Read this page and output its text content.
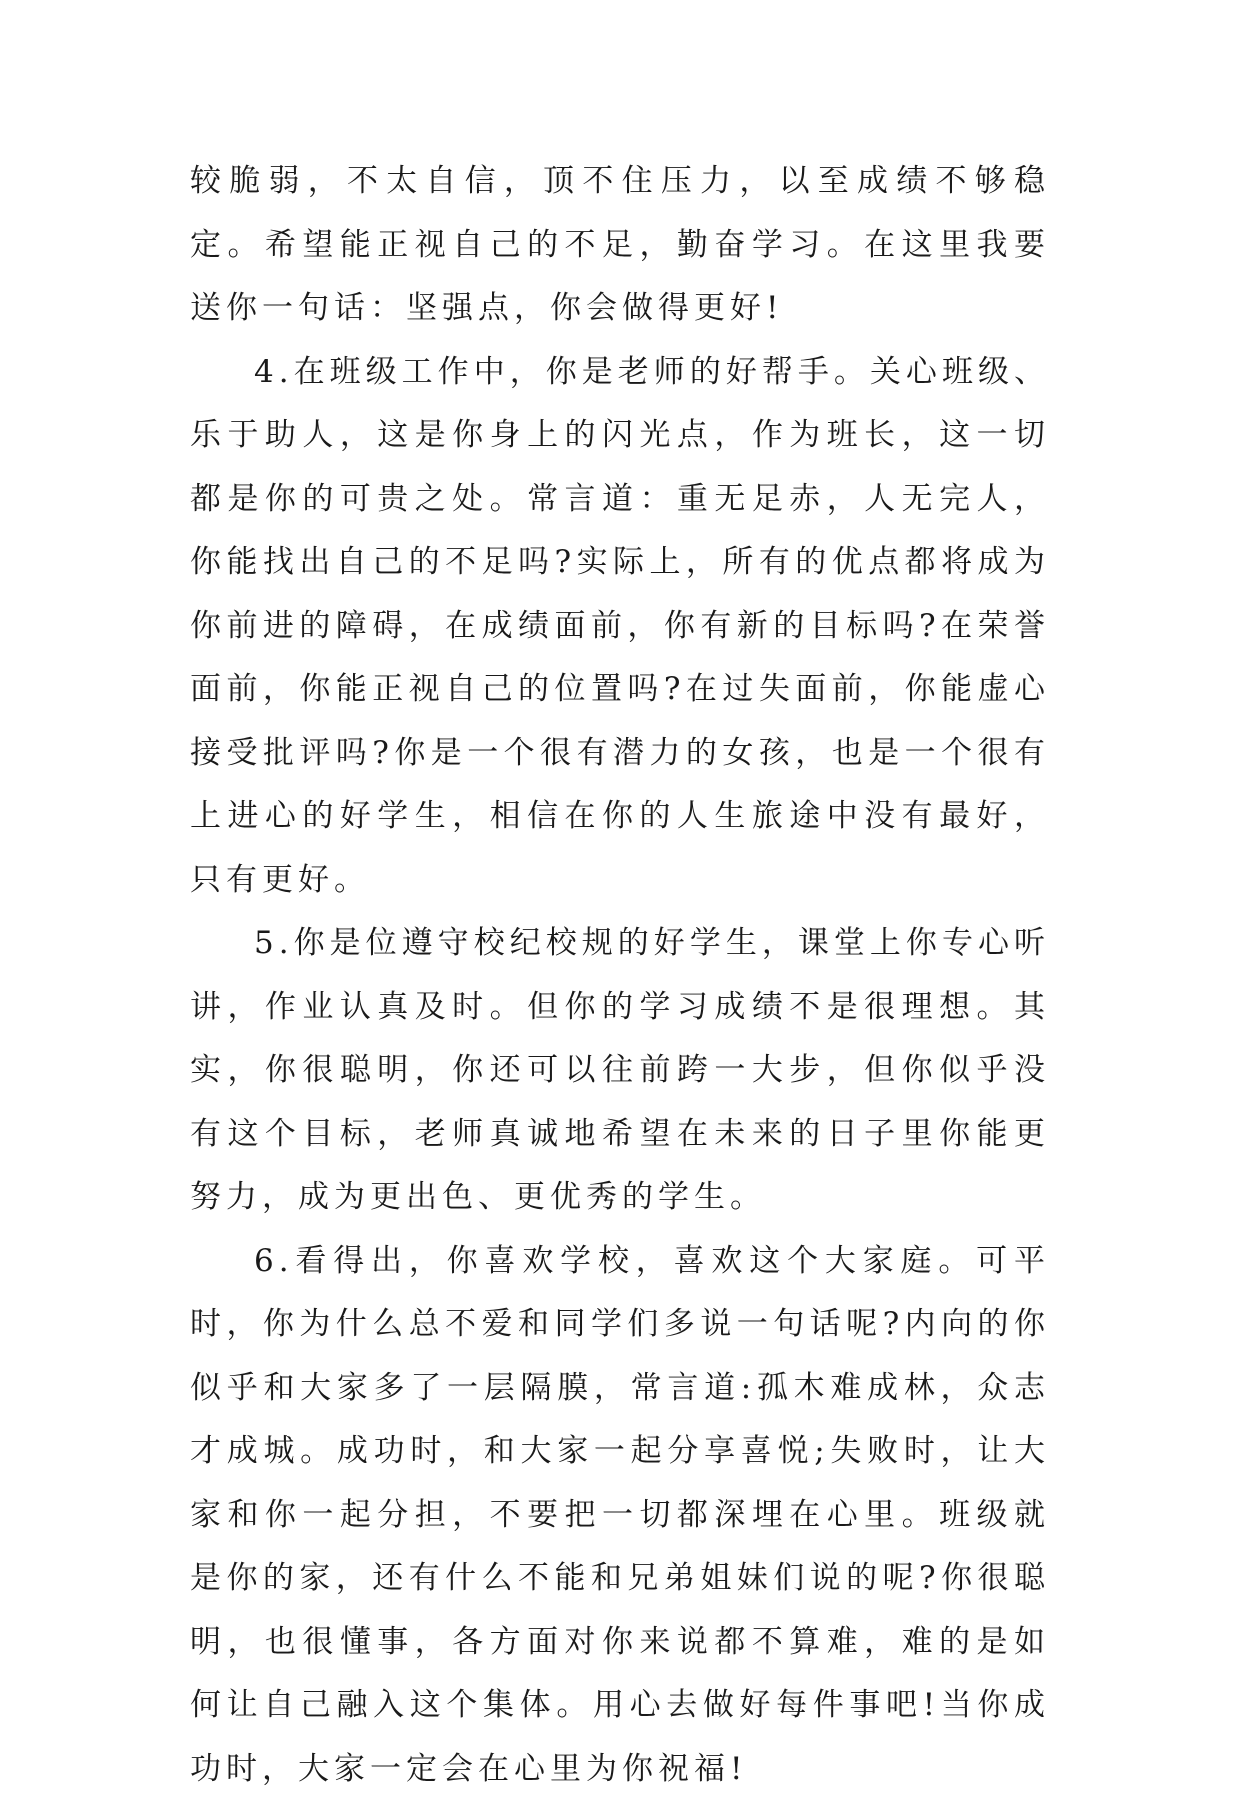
较脆弱，不太自信，顶不住压力，以至成绩不够稳定。希望能正视自己的不足，勤奋学习。在这里我要送你一句话：坚强点，你会做得更好!

4.在班级工作中，你是老师的好帮手。关心班级、乐于助人，这是你身上的闪光点，作为班长，这一切都是你的可贵之处。常言道：重无足赤，人无完人，你能找出自己的不足吗?实际上，所有的优点都将成为你前进的障碍，在成绩面前，你有新的目标吗?在荣誉面前，你能正视自己的位置吗?在过失面前，你能虚心接受批评吗?你是一个很有潜力的女孩，也是一个很有上进心的好学生，相信在你的人生旅途中没有最好，只有更好。

5.你是位遵守校纪校规的好学生，课堂上你专心听讲，作业认真及时。但你的学习成绩不是很理想。其实，你很聪明，你还可以往前跨一大步，但你似乎没有这个目标，老师真诚地希望在未来的日子里你能更努力，成为更出色、更优秀的学生。

6.看得出，你喜欢学校，喜欢这个大家庭。可平时，你为什么总不爱和同学们多说一句话呢?内向的你似乎和大家多了一层隔膜，常言道:孤木难成林，众志才成城。成功时，和大家一起分享喜悦;失败时，让大家和你一起分担，不要把一切都深埋在心里。班级就是你的家，还有什么不能和兄弟姐妹们说的呢?你很聪明，也很懂事，各方面对你来说都不算难，难的是如何让自己融入这个集体。用心去做好每件事吧!当你成功时，大家一定会在心里为你祝福!
